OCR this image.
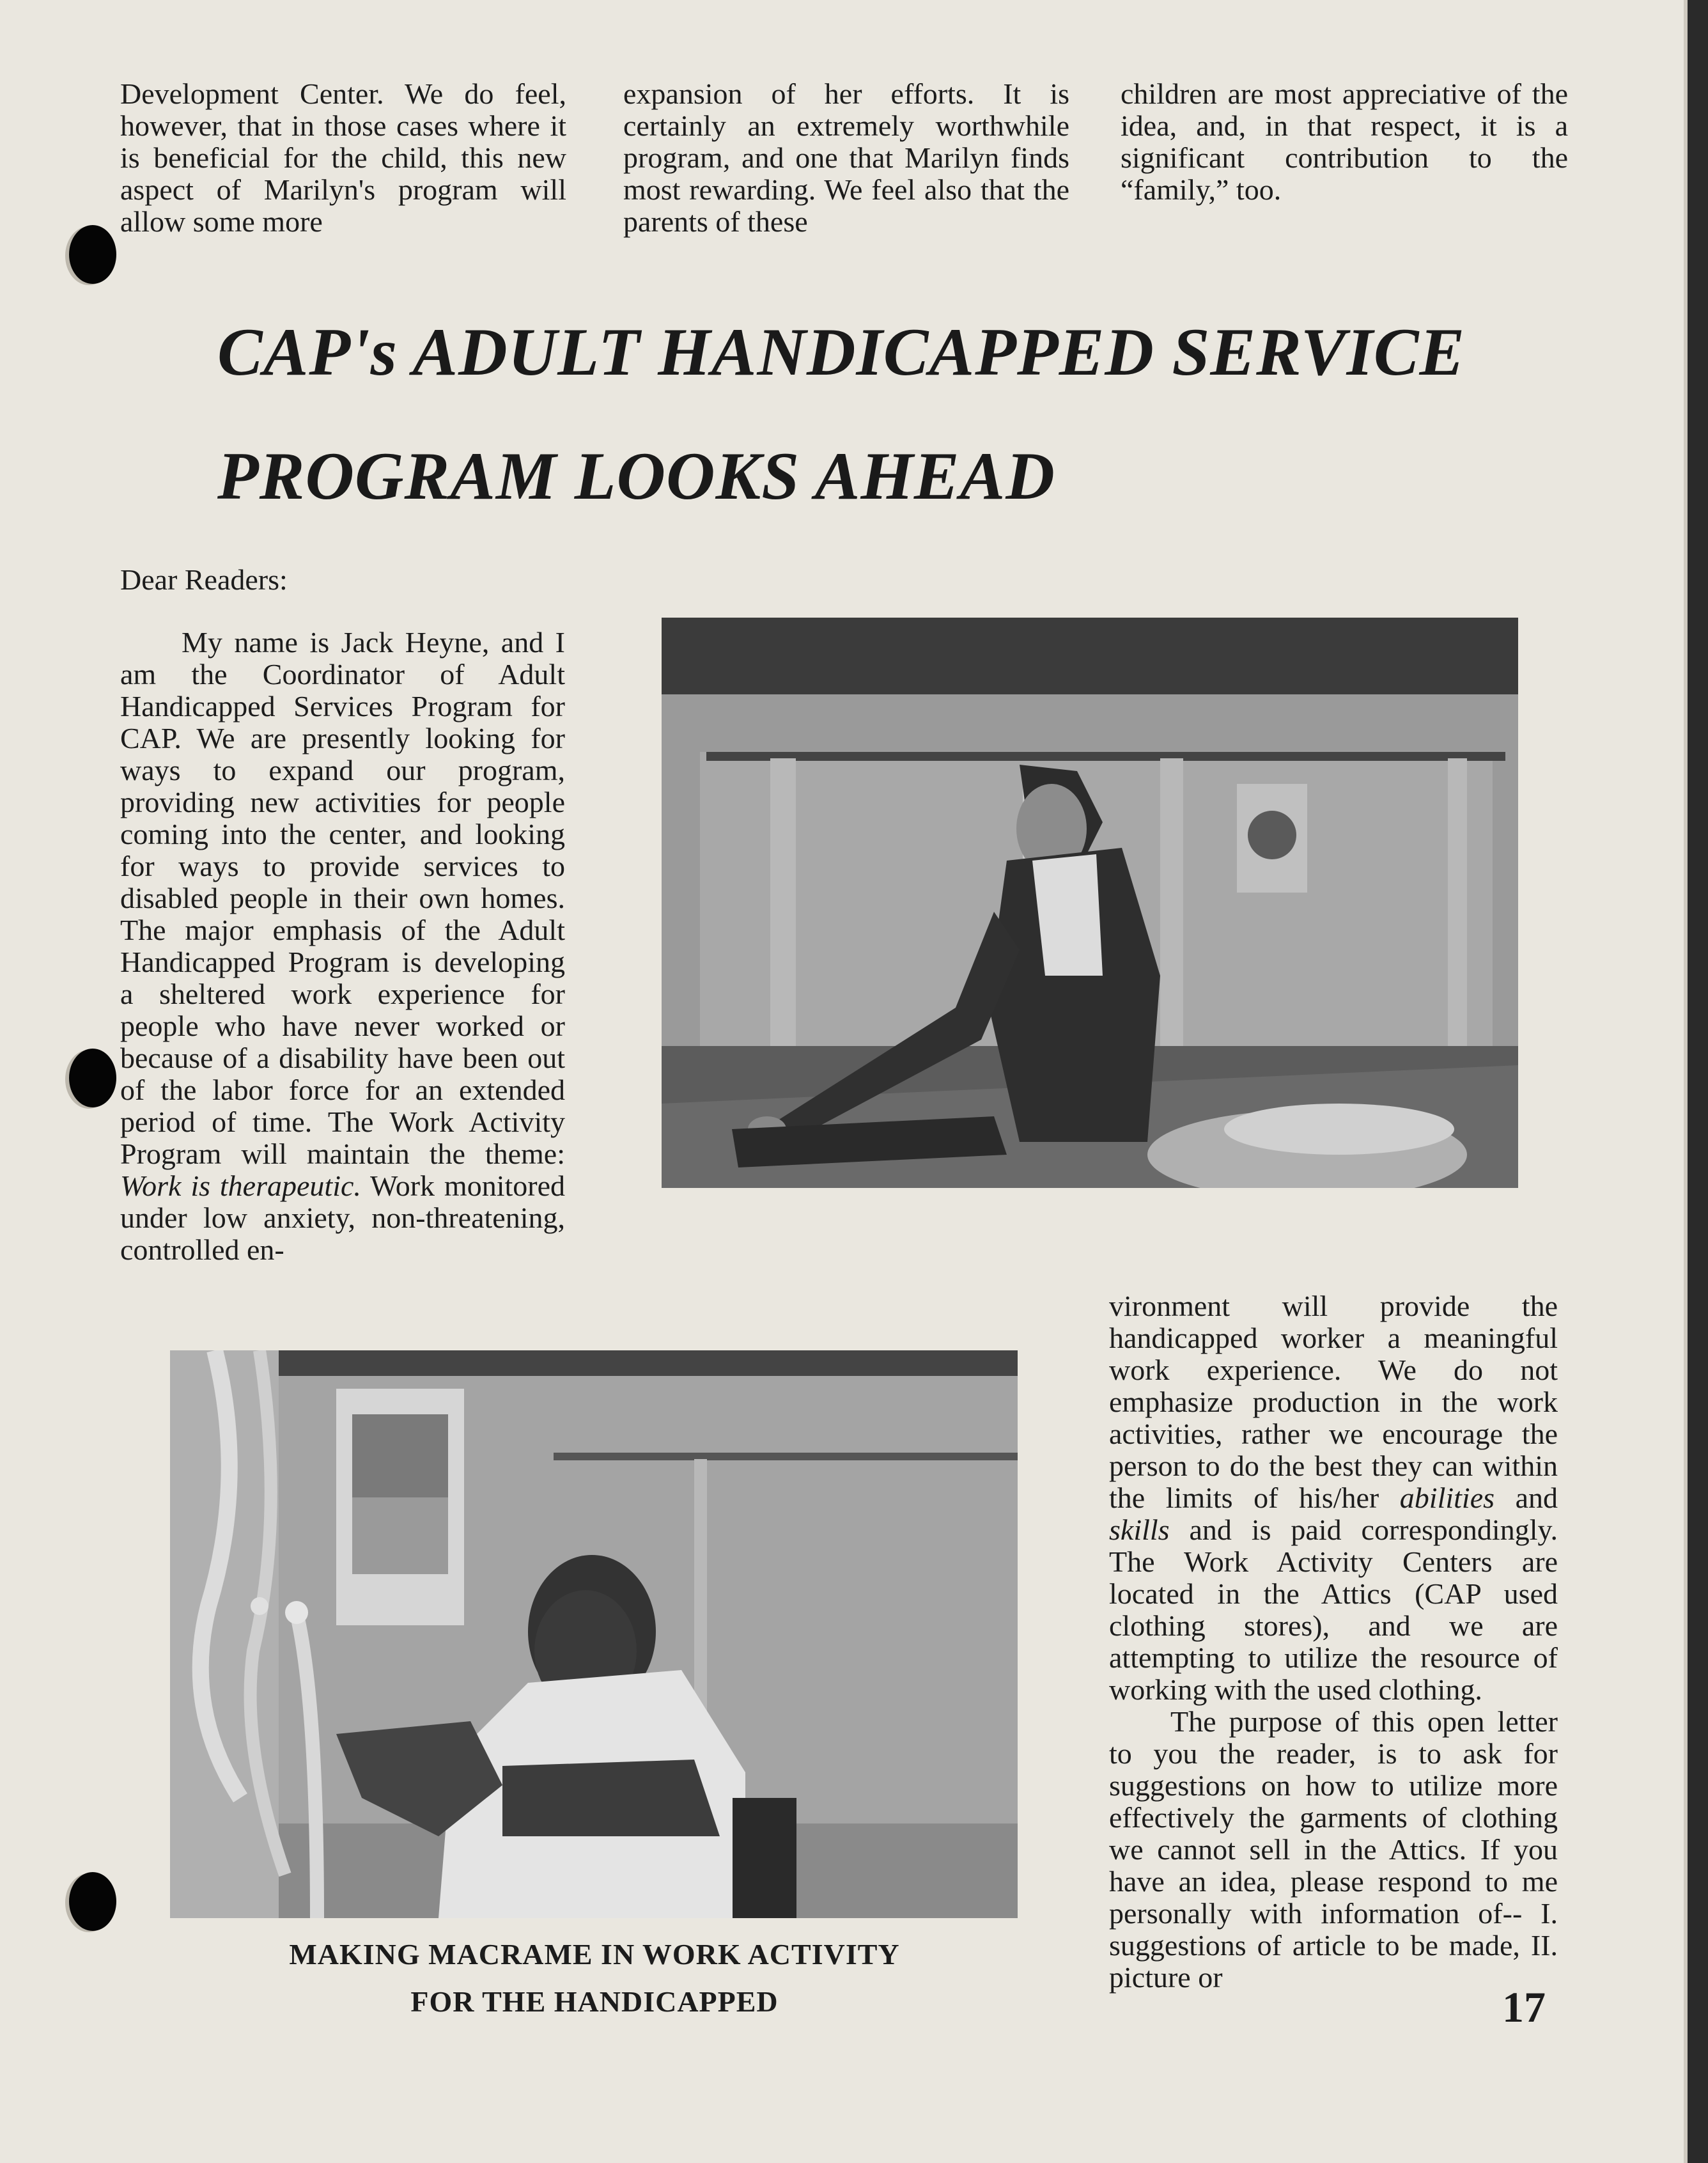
Development Center. We do feel, however, that in those cases where it is beneficial for the child, this new aspect of Marilyn's program will allow some more

expansion of her efforts. It is certainly an extremely worthwhile program, and one that Marilyn finds most rewarding. We feel also that the parents of these

children are most appreciative of the idea, and, in that respect, it is a significant contribution to the “family,” too.

CAP's ADULT HANDICAPPED SERVICE
PROGRAM LOOKS AHEAD

Dear Readers:

My name is Jack Heyne, and I am the Coordinator of Adult Handicapped Services Program for CAP. We are presently looking for ways to expand our program, providing new activities for people coming into the center, and looking for ways to provide services to disabled people in their own homes. The major emphasis of the Adult Handicapped Program is developing a sheltered work experience for people who have never worked or because of a disability have been out of the labor force for an extended period of time. The Work Activity Program will maintain the theme: Work is therapeutic. Work monitored under low anxiety, non-threatening, controlled en-

MAKING MACRAME IN WORK ACTIVITY
FOR THE HANDICAPPED

vironment will provide the handicapped worker a meaningful work experience. We do not emphasize production in the work activities, rather we encourage the person to do the best they can within the limits of his/her abilities and skills and is paid correspondingly. The Work Activity Centers are located in the Attics (CAP used clothing stores), and we are attempting to utilize the resource of working with the used clothing.

The purpose of this open letter to you the reader, is to ask for suggestions on how to utilize more effectively the garments of clothing we cannot sell in the Attics. If you have an idea, please respond to me personally with information of-- I. suggestions of article to be made, II. picture or

17
